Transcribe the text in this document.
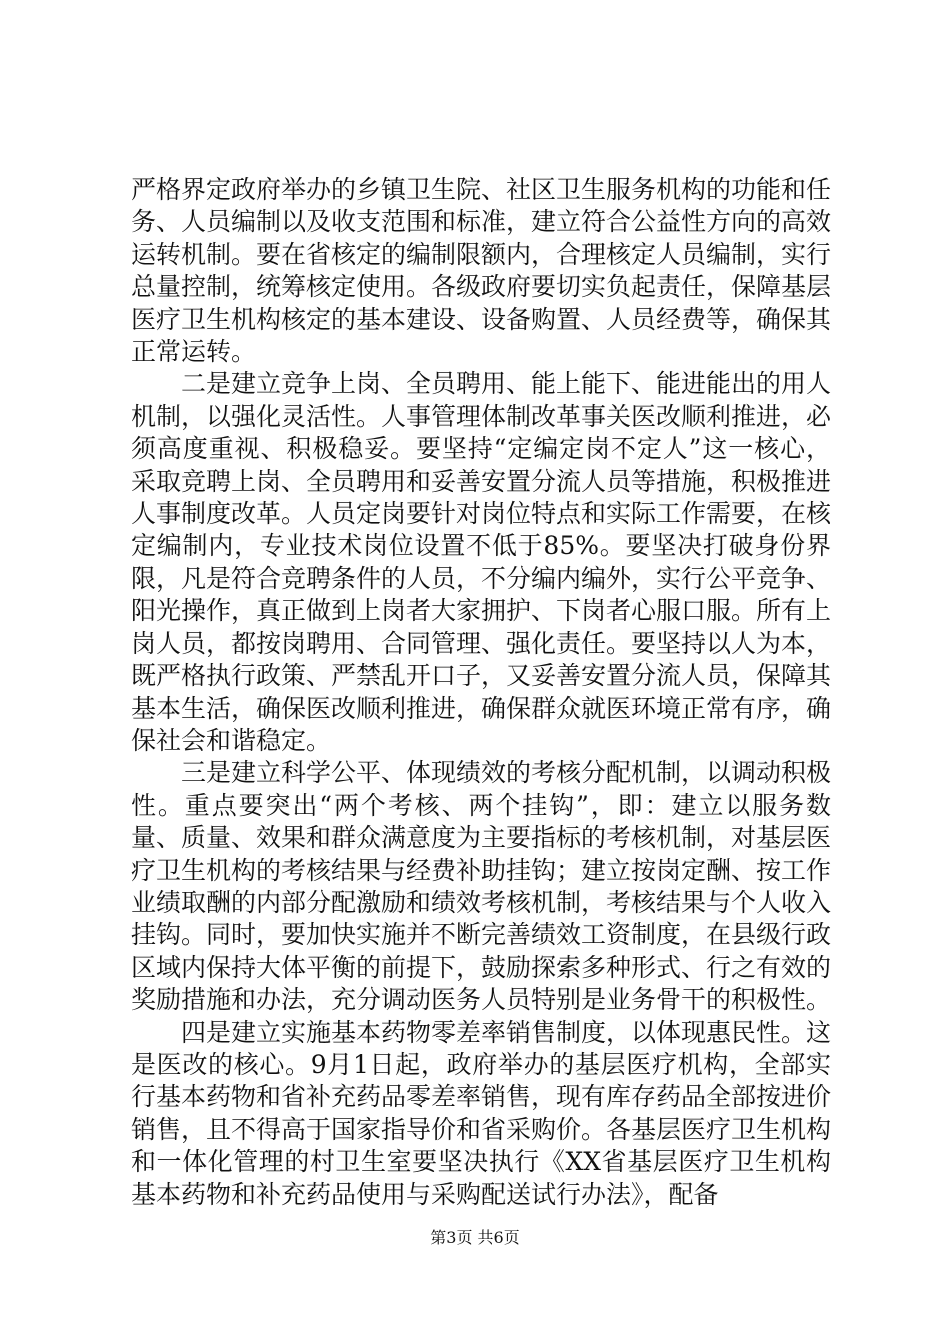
严格界定政府举办的乡镇卫生院、社区卫生服务机构的功能和任务、人员编制以及收支范围和标准，建立符合公益性方向的高效运转机制。要在省核定的编制限额内，合理核定人员编制，实行总量控制，统筹核定使用。各级政府要切实负起责任，保障基层医疗卫生机构核定的基本建设、设备购置、人员经费等，确保其正常运转。

二是建立竞争上岗、全员聘用、能上能下、能进能出的用人机制，以强化灵活性。人事管理体制改革事关医改顺利推进，必须高度重视、积极稳妥。要坚持“定编定岗不定人”这一核心，采取竞聘上岗、全员聘用和妥善安置分流人员等措施，积极推进人事制度改革。人员定岗要针对岗位特点和实际工作需要，在核定编制内，专业技术岗位设置不低于85%。要坚决打破身份界限，凡是符合竞聘条件的人员，不分编内编外，实行公平竞争、阳光操作，真正做到上岗者大家拥护、下岗者心服口服。所有上岗人员，都按岗聘用、合同管理、强化责任。要坚持以人为本，既严格执行政策、严禁乱开口子，又妥善安置分流人员，保障其基本生活，确保医改顺利推进，确保群众就医环境正常有序，确保社会和谐稳定。

三是建立科学公平、体现绩效的考核分配机制，以调动积极性。重点要突出“两个考核、两个挂钩”，即：建立以服务数量、质量、效果和群众满意度为主要指标的考核机制，对基层医疗卫生机构的考核结果与经费补助挂钩；建立按岗定酬、按工作业绩取酬的内部分配激励和绩效考核机制，考核结果与个人收入挂钩。同时，要加快实施并不断完善绩效工资制度，在县级行政区域内保持大体平衡的前提下，鼓励探索多种形式、行之有效的奖励措施和办法，充分调动医务人员特别是业务骨干的积极性。

四是建立实施基本药物零差率销售制度，以体现惠民性。这是医改的核心。9月1日起，政府举办的基层医疗机构，全部实行基本药物和省补充药品零差率销售，现有库存药品全部按进价销售，且不得高于国家指导价和省采购价。各基层医疗卫生机构和一体化管理的村卫生室要坚决执行《XX省基层医疗卫生机构基本药物和补充药品使用与采购配送试行办法》，配备

第3页 共6页
